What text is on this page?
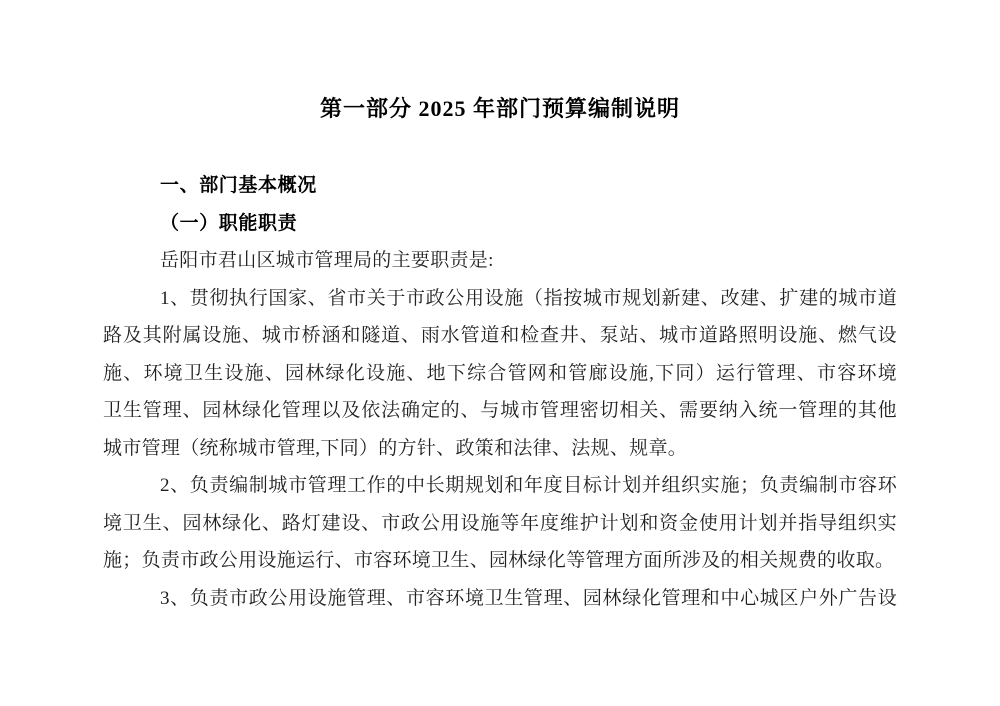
第一部分 2025 年部门预算编制说明
一、部门基本概况
（一）职能职责
岳阳市君山区城市管理局的主要职责是:
1、贯彻执行国家、省市关于市政公用设施（指按城市规划新建、改建、扩建的城市道
路及其附属设施、城市桥涵和隧道、雨水管道和检查井、泵站、城市道路照明设施、燃气设
施、环境卫生设施、园林绿化设施、地下综合管网和管廊设施,下同）运行管理、市容环境
卫生管理、园林绿化管理以及依法确定的、与城市管理密切相关、需要纳入统一管理的其他
城市管理（统称城市管理,下同）的方针、政策和法律、法规、规章。
2、负责编制城市管理工作的中长期规划和年度目标计划并组织实施；负责编制市容环
境卫生、园林绿化、路灯建设、市政公用设施等年度维护计划和资金使用计划并指导组织实
施；负责市政公用设施运行、市容环境卫生、园林绿化等管理方面所涉及的相关规费的收取。
3、负责市政公用设施管理、市容环境卫生管理、园林绿化管理和中心城区户外广告设
